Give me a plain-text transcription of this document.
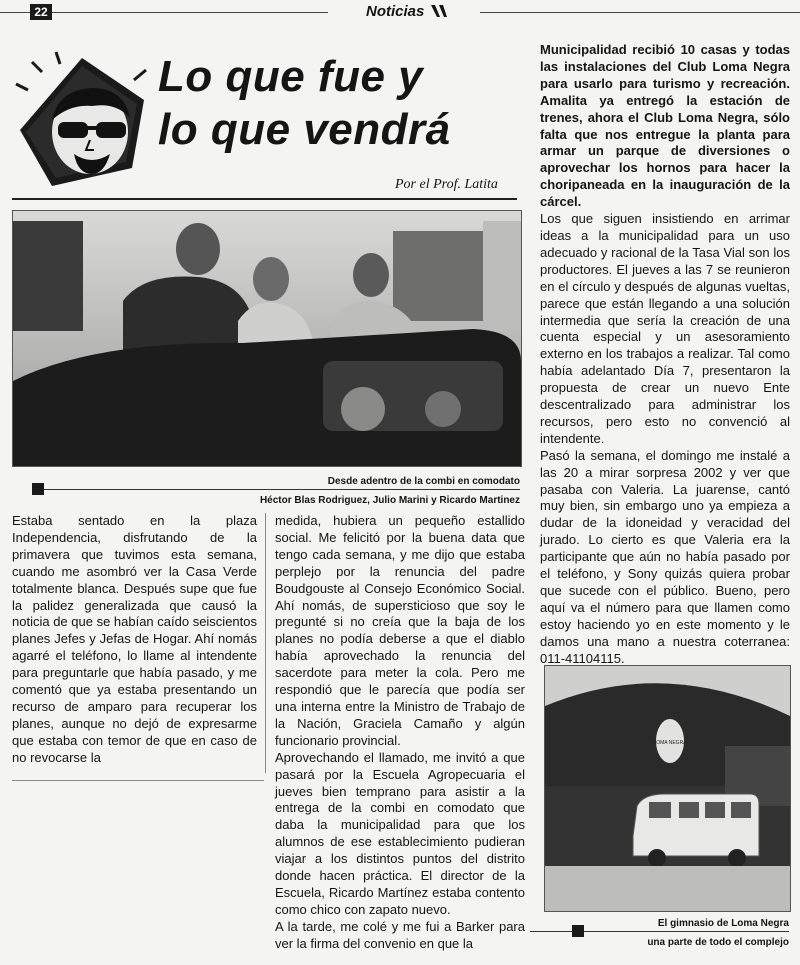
22	Noticias
Lo que fue y
lo que vendrá
Por el Prof. Latita
Desde adentro de la combi en comodato
Héctor Blas Rodriguez, Julio Marini y Ricardo Martinez

Estaba sentado en la plaza Independencia, disfrutando de la primavera que tuvimos esta semana, cuando me asombró ver la Casa Verde totalmente blanca. Después supe que fue la palidez generalizada que causó la noticia de que se habían caído seiscientos planes Jefes y Jefas de Hogar. Ahí nomás agarré el teléfono, lo llame al intendente para preguntarle que había pasado, y me comentó que ya estaba presentando un recurso de amparo para recuperar los planes, aunque no dejó de expresarme que estaba con temor de que en caso de no revocarse la

medida, hubiera un pequeño estallido social. Me felicitó por la buena data que tengo cada semana, y me dijo que estaba perplejo por la renuncia del padre Boudgouste al Consejo Económico Social. Ahí nomás, de supersticioso que soy le pregunté si no creía que la baja de los planes no podía deberse a que el diablo había aprovechado la renuncia del sacerdote para meter la cola. Pero me respondió que le parecía que podía ser una interna entre la Ministro de Trabajo de la Nación, Graciela Camaño y algún funcionario provincial.

Aprovechando el llamado, me invitó a que pasará por la Escuela Agropecuaria el jueves bien temprano para asistir a la entrega de la combi en comodato que daba la municipalidad para que los alumnos de ese establecimiento pudieran viajar a los distintos puntos del distrito donde hacen práctica. El director de la Escuela, Ricardo Martínez estaba contento como chico con zapato nuevo.

A la tarde, me colé y me fui a Barker para ver la firma del convenio en que la

Municipalidad recibió 10 casas y todas las instalaciones del Club Loma Negra para usarlo para turismo y recreación. Amalita ya entregó la estación de trenes, ahora el Club Loma Negra, sólo falta que nos entregue la planta para armar un parque de diversiones o aprovechar los hornos para hacer la choripaneada en la inauguración de la cárcel.

Los que siguen insistiendo en arrimar ideas a la municipalidad para un uso adecuado y racional de la Tasa Vial son los productores. El jueves a las 7 se reunieron en el círculo y después de algunas vueltas, parece que están llegando a una solución intermedia que sería la creación de una cuenta especial y un asesoramiento externo en los trabajos a realizar. Tal como había adelantado Día 7, presentaron la propuesta de crear un nuevo Ente descentralizado para administrar los recursos, pero esto no convenció al intendente.

Pasó la semana, el domingo me instalé a las 20 a mirar sorpresa 2002 y ver que pasaba con Valeria. La juarense, cantó muy bien, sin embargo uno ya empieza a dudar de la idoneidad y veracidad del jurado. Lo cierto es que Valeria era la participante que aún no había pasado por el teléfono, y Sony quizás quiera probar que sucede con el público. Bueno, pero aquí va el número para que llamen como estoy haciendo yo en este momento y le damos una mano a nuestra coterranea: 011-41104115.

LOMA NEGRA
El gimnasio de Loma Negra
una parte de todo el complejo
